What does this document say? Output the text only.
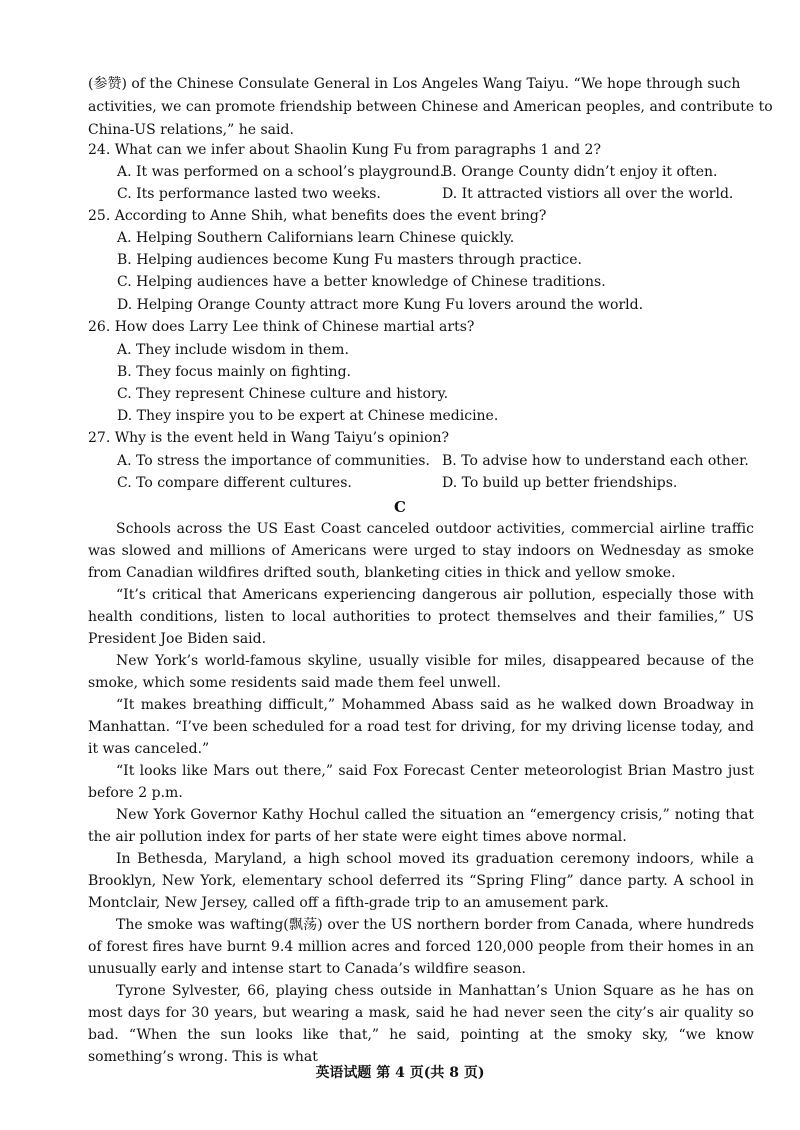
(参赞) of the Chinese Consulate General in Los Angeles Wang Taiyu. “We hope through such
activities, we can promote friendship between Chinese and American peoples, and contribute to
China-US relations,” he said.
24. What can we infer about Shaolin Kung Fu from paragraphs 1 and 2?
A. It was performed on a school’s playground.
B. Orange County didn’t enjoy it often.
C. Its performance lasted two weeks.	D. It attracted vistiors all over the world.
25. According to Anne Shih, what benefits does the event bring?
A. Helping Southern Californians learn Chinese quickly.
B. Helping audiences become Kung Fu masters through practice.
C. Helping audiences have a better knowledge of Chinese traditions.
D. Helping Orange County attract more Kung Fu lovers around the world.
26. How does Larry Lee think of Chinese martial arts?
A. They include wisdom in them.
B. They focus mainly on fighting.
C. They represent Chinese culture and history.
D. They inspire you to be expert at Chinese medicine.
27. Why is the event held in Wang Taiyu’s opinion?
A. To stress the importance of communities. B. To advise how to understand each other.
C. To compare different cultures.	D. To build up better friendships.
C
Schools across the US East Coast canceled outdoor activities, commercial airline traffic was slowed and millions of Americans were urged to stay indoors on Wednesday as smoke from Canadian wildfires drifted south, blanketing cities in thick and yellow smoke.
“It’s critical that Americans experiencing dangerous air pollution, especially those with health conditions, listen to local authorities to protect themselves and their families,” US President Joe Biden said.
New York’s world-famous skyline, usually visible for miles, disappeared because of the smoke, which some residents said made them feel unwell.
“It makes breathing difficult,” Mohammed Abass said as he walked down Broadway in Manhattan. “I’ve been scheduled for a road test for driving, for my driving license today, and it was canceled.”
“It looks like Mars out there,” said Fox Forecast Center meteorologist Brian Mastro just before 2 p.m.
New York Governor Kathy Hochul called the situation an “emergency crisis,” noting that the air pollution index for parts of her state were eight times above normal.
In Bethesda, Maryland, a high school moved its graduation ceremony indoors, while a Brooklyn, New York, elementary school deferred its “Spring Fling” dance party. A school in Montclair, New Jersey, called off a fifth-grade trip to an amusement park.
The smoke was wafting(飘荡) over the US northern border from Canada, where hundreds of forest fires have burnt 9.4 million acres and forced 120,000 people from their homes in an unusually early and intense start to Canada’s wildfire season.
Tyrone Sylvester, 66, playing chess outside in Manhattan’s Union Square as he has on most days for 30 years, but wearing a mask, said he had never seen the city’s air quality so bad. “When the sun looks like that,” he said, pointing at the smoky sky, “we know something’s wrong. This is what
英语试题 第 4 页(共 8 页)
